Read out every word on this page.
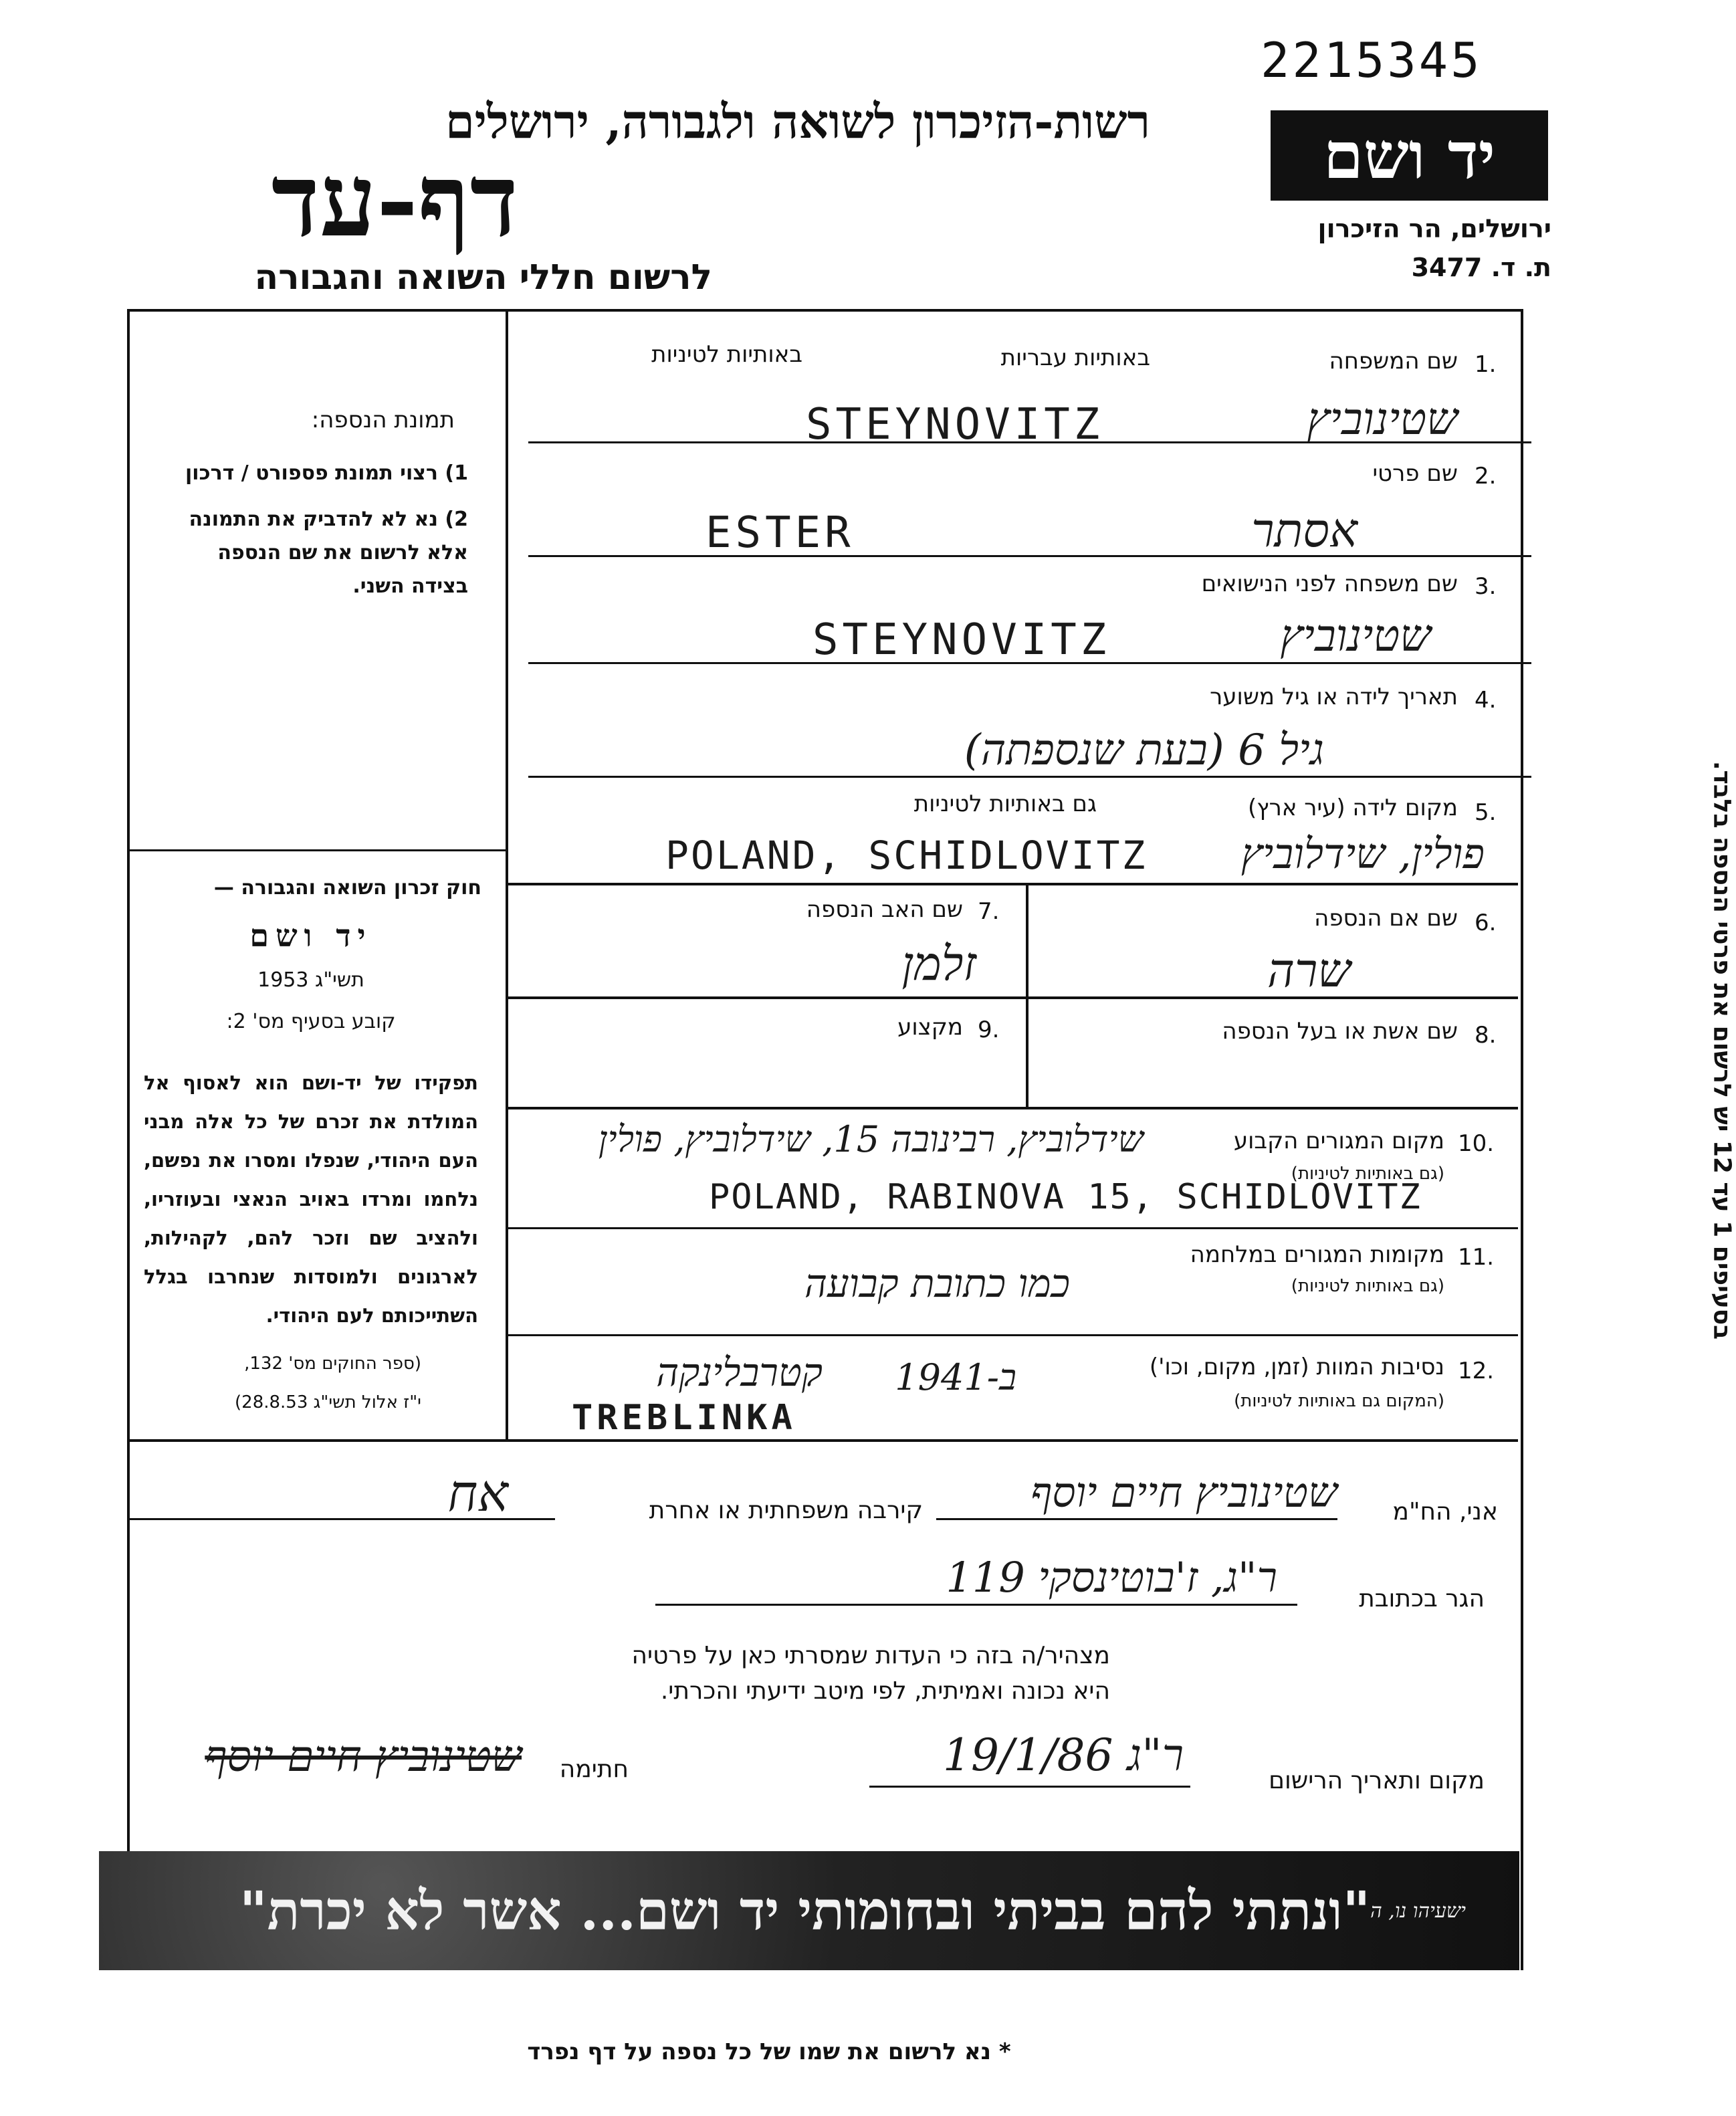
2215345
רשות-הזיכרון לשואה ולגבורה, ירושלים
דף-עד
לרשום חללי השואה והגבורה
יד ושם
ירושלים, הר הזיכרון
ת. ד. 3477
תמונת הנספה:
1) רצוי תמונת פספורט / דרכון
2) נא לא להדביק את התמונה אלא לרשום את שם הנספה בצידה השני.
חוק זכרון השואה והגבורה —
יד ושם
תשי"ג 1953
קובע בסעיף מס' 2:
תפקידו של יד-ושם הוא לאסוף אל המולדת את זכרם של כל אלה מבני העם היהודי, שנפלו ומסרו את נפשם, נלחמו ומרדו באויב הנאצי ובעוזריו, ולהציב שם וזכר להם, לקהילות, לארגונים ולמוסדות שנחרבו בגלל השתייכותם לעם היהודי.
(ספר החוקים מס' 132,
י"ז אלול תשי"ג 28.8.53)
בסעיפים 1 עד 12 יש לרשום את פרטי הנספה בלבד.
באותיות עבריות
באותיות לטיניות	1.
שם המשפחה
STEYNOVITZ	שטינוביץ
2.
שם פרטי
ESTER	אסתר
3.
שם משפחה לפני הנישואים
STEYNOVITZ	שטינוביץ
4.
תאריך לידה או גיל משוער
גיל 6 (בעת שנספתה)
5.
מקום לידה (עיר ארץ)
גם באותיות לטיניות
POLAND, SCHIDLOVITZ	פולין, שידלוביץ
6.
שם אם הנספה
שרה
7.
שם האב הנספה
זלמן
8.
שם אשת או בעל הנספה
9.
מקצוע
10.
מקום המגורים הקבוע
(גם באותיות לטיניות)
שידלוביץ, רבינובה 15, שידלוביץ, פולין
POLAND, RABINOVA 15, SCHIDLOVITZ
11.
מקומות המגורים במלחמה
(גם באותיות לטיניות)
כמו כתובת קבועה
12.
נסיבות המוות (זמן, מקום, וכו')
(המקום גם באותיות לטיניות)
קטרבלינקה	ב-1941
TREBLINKA
אני, הח"מ
שטינוביץ חיים יוסף
קירבה משפחתית או אחרת
אח
הגר בכתובת
ר"ג, ז'בוטינסקי 119
מצהיר/ה בזה כי העדות שמסרתי כאן על פרטיה
היא נכונה ואמיתית, לפי מיטב ידיעתי והכרתי.
חתימה
שטינוביץ חיים יוסף	מקום ותאריך הרישום
ר"ג 19/1/86
"ונתתי להם בביתי ובחומותי יד ושם... אשר לא יכרת" ישעיהו נו, ה
* נא לרשום את שמו של כל נספה על דף נפרד
